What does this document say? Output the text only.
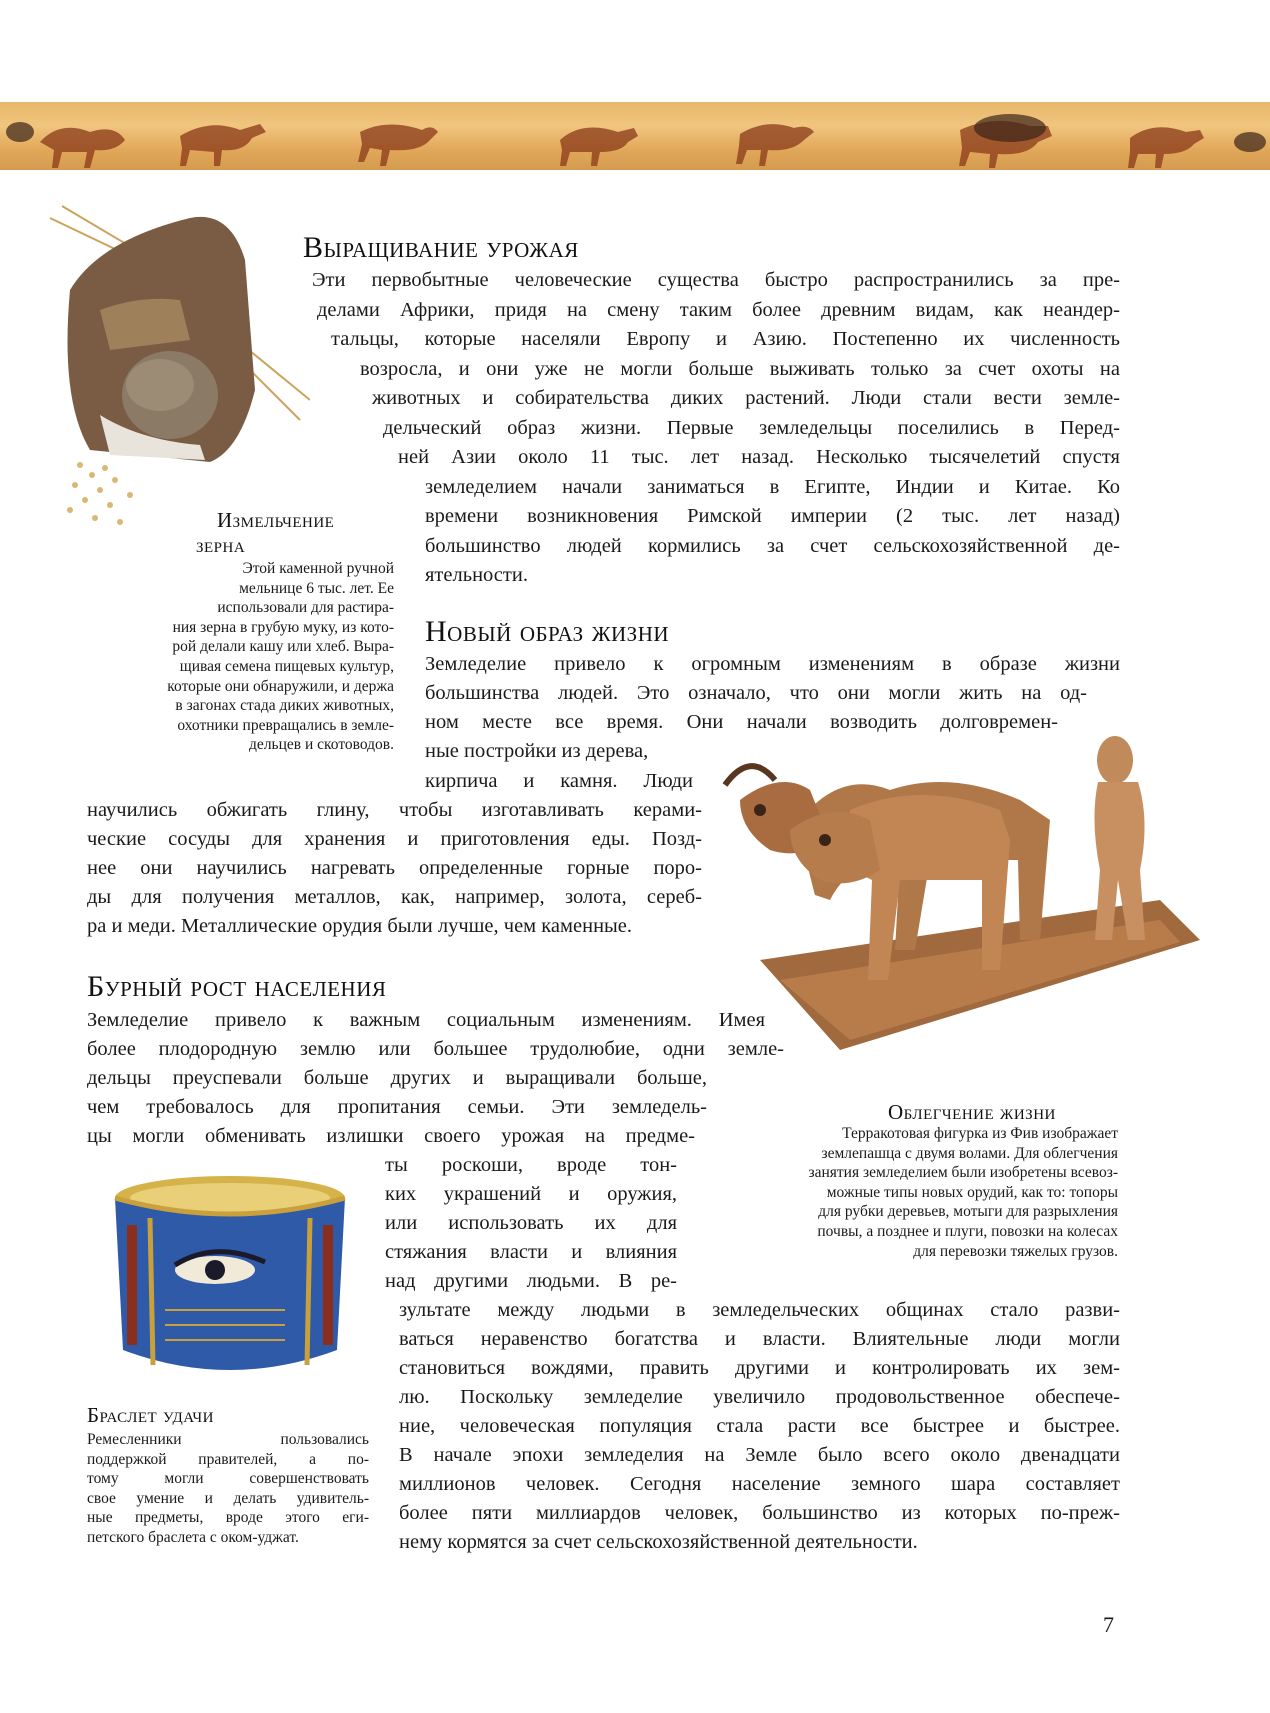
Выращивание урожая
Эти первобытные человеческие существа быстро распространились за пре-
делами Африки, придя на смену таким более древним видам, как неандер-
тальцы, которые населяли Европу и Азию. Постепенно их численность
возросла, и они уже не могли больше выживать только за счет охоты на
животных и собирательства диких растений. Люди стали вести земле-
дельческий образ жизни. Первые земледельцы поселились в Перед-
ней Азии около 11 тыс. лет назад. Несколько тысячелетий спустя
земледелием начали заниматься в Египте, Индии и Китае. Ко
времени возникновения Римской империи (2 тыс. лет назад)
большинство людей кормились за счет сельскохозяйственной де-
ятельности.
Измельчение
зерна
Этой каменной ручной
мельнице 6 тыс. лет. Ее
использовали для растира-
ния зерна в грубую муку, из кото-
рой делали кашу или хлеб. Выра-
щивая семена пищевых культур,
которые они обнаружили, и держа
в загонах стада диких животных,
охотники превращались в земле-
дельцев и скотоводов.
Новый образ жизни
Земледелие привело к огромным изменениям в образе жизни
большинства людей. Это означало, что они могли жить на од-
ном месте все время. Они начали возводить долговремен-
ные постройки из дерева,
кирпича и камня. Люди
научились обжигать глину, чтобы изготавливать керами-
ческие сосуды для хранения и приготовления еды. Позд-
нее они научились нагревать определенные горные поро-
ды для получения металлов, как, например, золота, сереб-
ра и меди. Металлические орудия были лучше, чем каменные.
Облегчение жизни
Терракотовая фигурка из Фив изображает
землепашца с двумя волами. Для облегчения
занятия земледелием были изобретены всевоз-
можные типы новых орудий, как то: топоры
для рубки деревьев, мотыги для разрыхления
почвы, а позднее и плуги, повозки на колесах
для перевозки тяжелых грузов.
Бурный рост населения
Земледелие привело к важным социальным изменениям. Имея
более плодородную землю или большее трудолюбие, одни земле-
дельцы преуспевали больше других и выращивали больше,
чем требовалось для пропитания семьи. Эти земледель-
цы могли обменивать излишки своего урожая на предме-
ты роскоши, вроде тон-
ких украшений и оружия,
или использовать их для
стяжания власти и влияния
над другими людьми. В ре-
зультате между людьми в земледельческих общинах стало разви-
ваться неравенство богатства и власти. Влиятельные люди могли
становиться вождями, править другими и контролировать их зем-
лю. Поскольку земледелие увеличило продовольственное обеспече-
ние, человеческая популяция стала расти все быстрее и быстрее.
В начале эпохи земледелия на Земле было всего около двенадцати
миллионов человек. Сегодня население земного шара составляет
более пяти миллиардов человек, большинство из которых по-преж-
нему кормятся за счет сельскохозяйственной деятельности.
Браслет удачи
Ремесленники пользовались
поддержкой правителей, а по-
тому могли совершенствовать
свое умение и делать удивитель-
ные предметы, вроде этого еги-
петского браслета с оком-уджат.
7
